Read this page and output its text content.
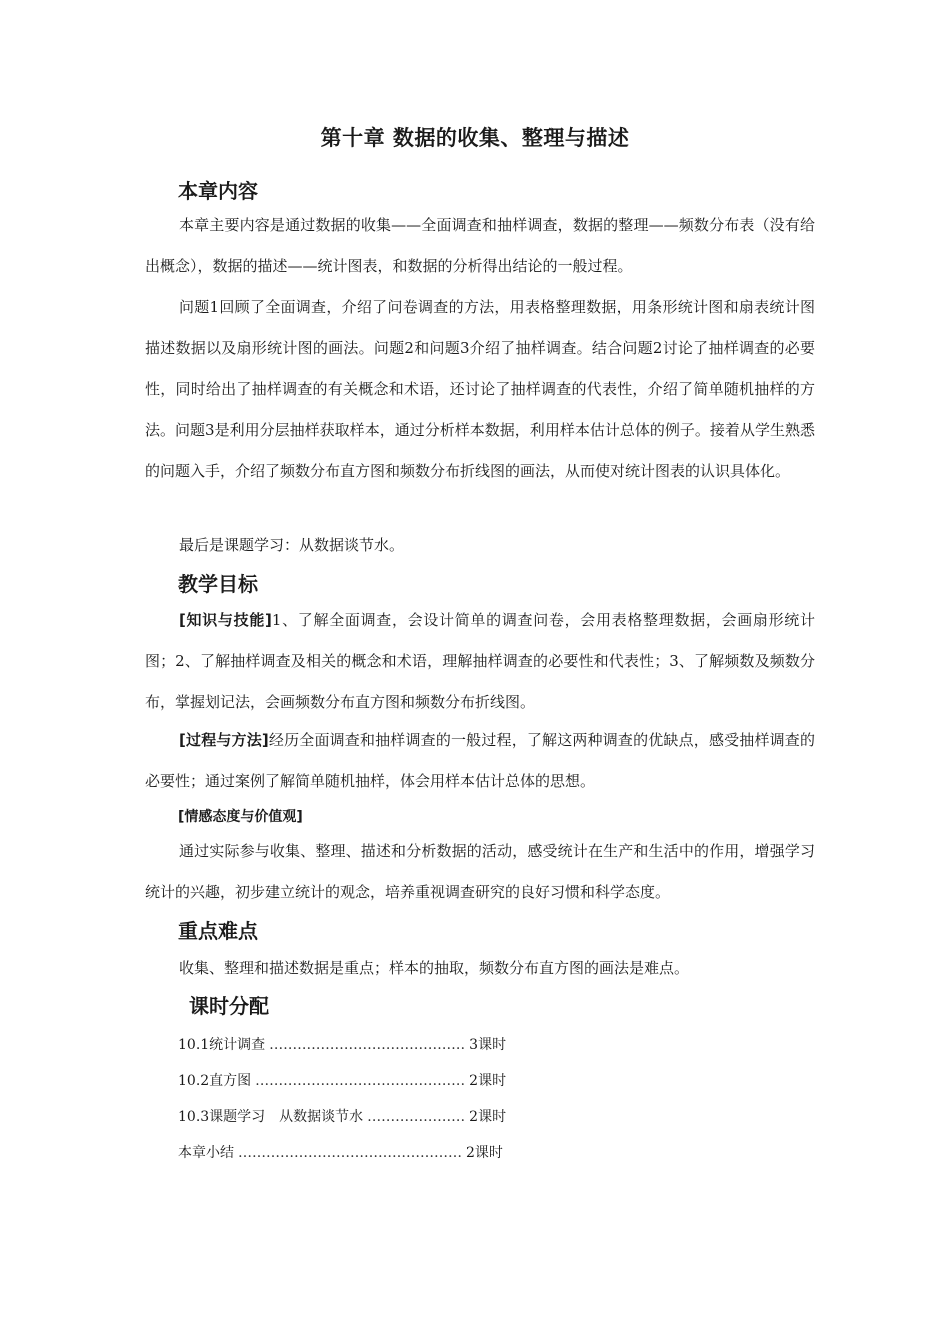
第十章 数据的收集、整理与描述
本章内容
本章主要内容是通过数据的收集——全面调查和抽样调查，数据的整理——频数分布表（没有给出概念），数据的描述——统计图表，和数据的分析得出结论的一般过程。
问题1回顾了全面调查，介绍了问卷调查的方法，用表格整理数据，用条形统计图和扇表统计图描述数据以及扇形统计图的画法。问题2和问题3介绍了抽样调查。结合问题2讨论了抽样调查的必要性，同时给出了抽样调查的有关概念和术语，还讨论了抽样调查的代表性，介绍了简单随机抽样的方法。问题3是利用分层抽样获取样本，通过分析样本数据，利用样本估计总体的例子。接着从学生熟悉的问题入手，介绍了频数分布直方图和频数分布折线图的画法，从而使对统计图表的认识具体化。
最后是课题学习：从数据谈节水。
教学目标
[知识与技能]1、了解全面调查，会设计简单的调查问卷，会用表格整理数据，会画扇形统计图；2、了解抽样调查及相关的概念和术语，理解抽样调查的必要性和代表性；3、了解频数及频数分布，掌握划记法，会画频数分布直方图和频数分布折线图。
[过程与方法]经历全面调查和抽样调查的一般过程，了解这两种调查的优缺点，感受抽样调查的必要性；通过案例了解简单随机抽样，体会用样本估计总体的思想。
[情感态度与价值观]
通过实际参与收集、整理、描述和分析数据的活动，感受统计在生产和生活中的作用，增强学习统计的兴趣，初步建立统计的观念，培养重视调查研究的良好习惯和科学态度。
重点难点
收集、整理和描述数据是重点；样本的抽取，频数分布直方图的画法是难点。
课时分配
10.1统计调查 …………………………………… 3课时
10.2直方图 ……………………………………… 2课时
10.3课题学习　从数据谈节水 ………………… 2课时
本章小结 ………………………………………… 2课时
